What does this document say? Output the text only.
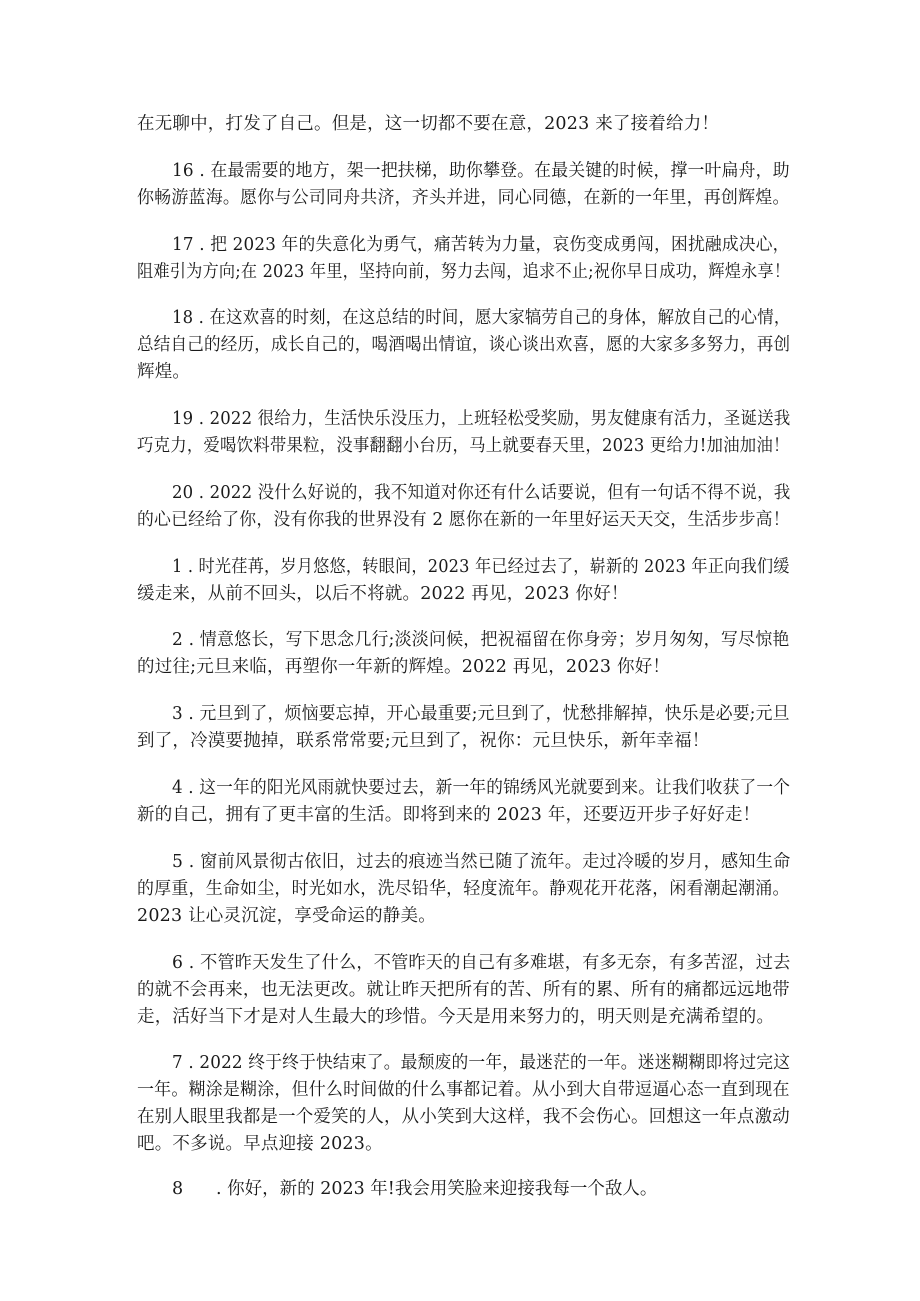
在无聊中，打发了自己。但是，这一切都不要在意，2023 来了接着给力！
16 . 在最需要的地方，架一把扶梯，助你攀登。在最关键的时候，撑一叶扁舟，助
你畅游蓝海。愿你与公司同舟共济，齐头并进，同心同德，在新的一年里，再创辉煌。
17 . 把 2023 年的失意化为勇气，痛苦转为力量，哀伤变成勇闯，困扰融成决心，
阻难引为方向;在 2023 年里，坚持向前，努力去闯，追求不止;祝你早日成功，辉煌永享！
18 . 在这欢喜的时刻，在这总结的时间，愿大家犒劳自己的身体，解放自己的心情，
总结自己的经历，成长自己的，喝酒喝出情谊，谈心谈出欢喜，愿的大家多多努力，再创
辉煌。
19 . 2022 很给力，生活快乐没压力，上班轻松受奖励，男友健康有活力，圣诞送我
巧克力，爱喝饮料带果粒，没事翻翻小台历，马上就要春天里，2023 更给力!加油加油！
20 . 2022 没什么好说的，我不知道对你还有什么话要说，但有一句话不得不说，我
的心已经给了你，没有你我的世界没有 2 愿你在新的一年里好运天天交，生活步步高！
1 . 时光荏苒，岁月悠悠，转眼间，2023 年已经过去了，崭新的 2023 年正向我们缓
缓走来，从前不回头，以后不将就。2022 再见，2023 你好！
2 . 情意悠长，写下思念几行;淡淡问候，把祝福留在你身旁；岁月匆匆，写尽惊艳
的过往;元旦来临，再塑你一年新的辉煌。2022 再见，2023 你好！
3 . 元旦到了，烦恼要忘掉，开心最重要;元旦到了，忧愁排解掉，快乐是必要;元旦
到了，冷漠要抛掉，联系常常要;元旦到了，祝你：元旦快乐，新年幸福！
4 . 这一年的阳光风雨就快要过去，新一年的锦绣风光就要到来。让我们收获了一个
新的自己，拥有了更丰富的生活。即将到来的 2023 年，还要迈开步子好好走！
5 . 窗前风景彻古依旧，过去的痕迹当然已随了流年。走过冷暖的岁月，感知生命
的厚重，生命如尘，时光如水，洗尽铅华，轻度流年。静观花开花落，闲看潮起潮涌。
2023 让心灵沉淀，享受命运的静美。
6 . 不管昨天发生了什么，不管昨天的自己有多难堪，有多无奈，有多苦涩，过去
的就不会再来，也无法更改。就让昨天把所有的苦、所有的累、所有的痛都远远地带
走，活好当下才是对人生最大的珍惜。今天是用来努力的，明天则是充满希望的。
7 . 2022 终于终于快结束了。最颓废的一年，最迷茫的一年。迷迷糊糊即将过完这
一年。糊涂是糊涂，但什么时间做的什么事都记着。从小到大自带逗逼心态一直到现在
在别人眼里我都是一个爱笑的人，从小笑到大这样，我不会伤心。回想这一年点激动
吧。不多说。早点迎接 2023。
8 . 你好，新的 2023 年!我会用笑脸来迎接我每一个敌人。
